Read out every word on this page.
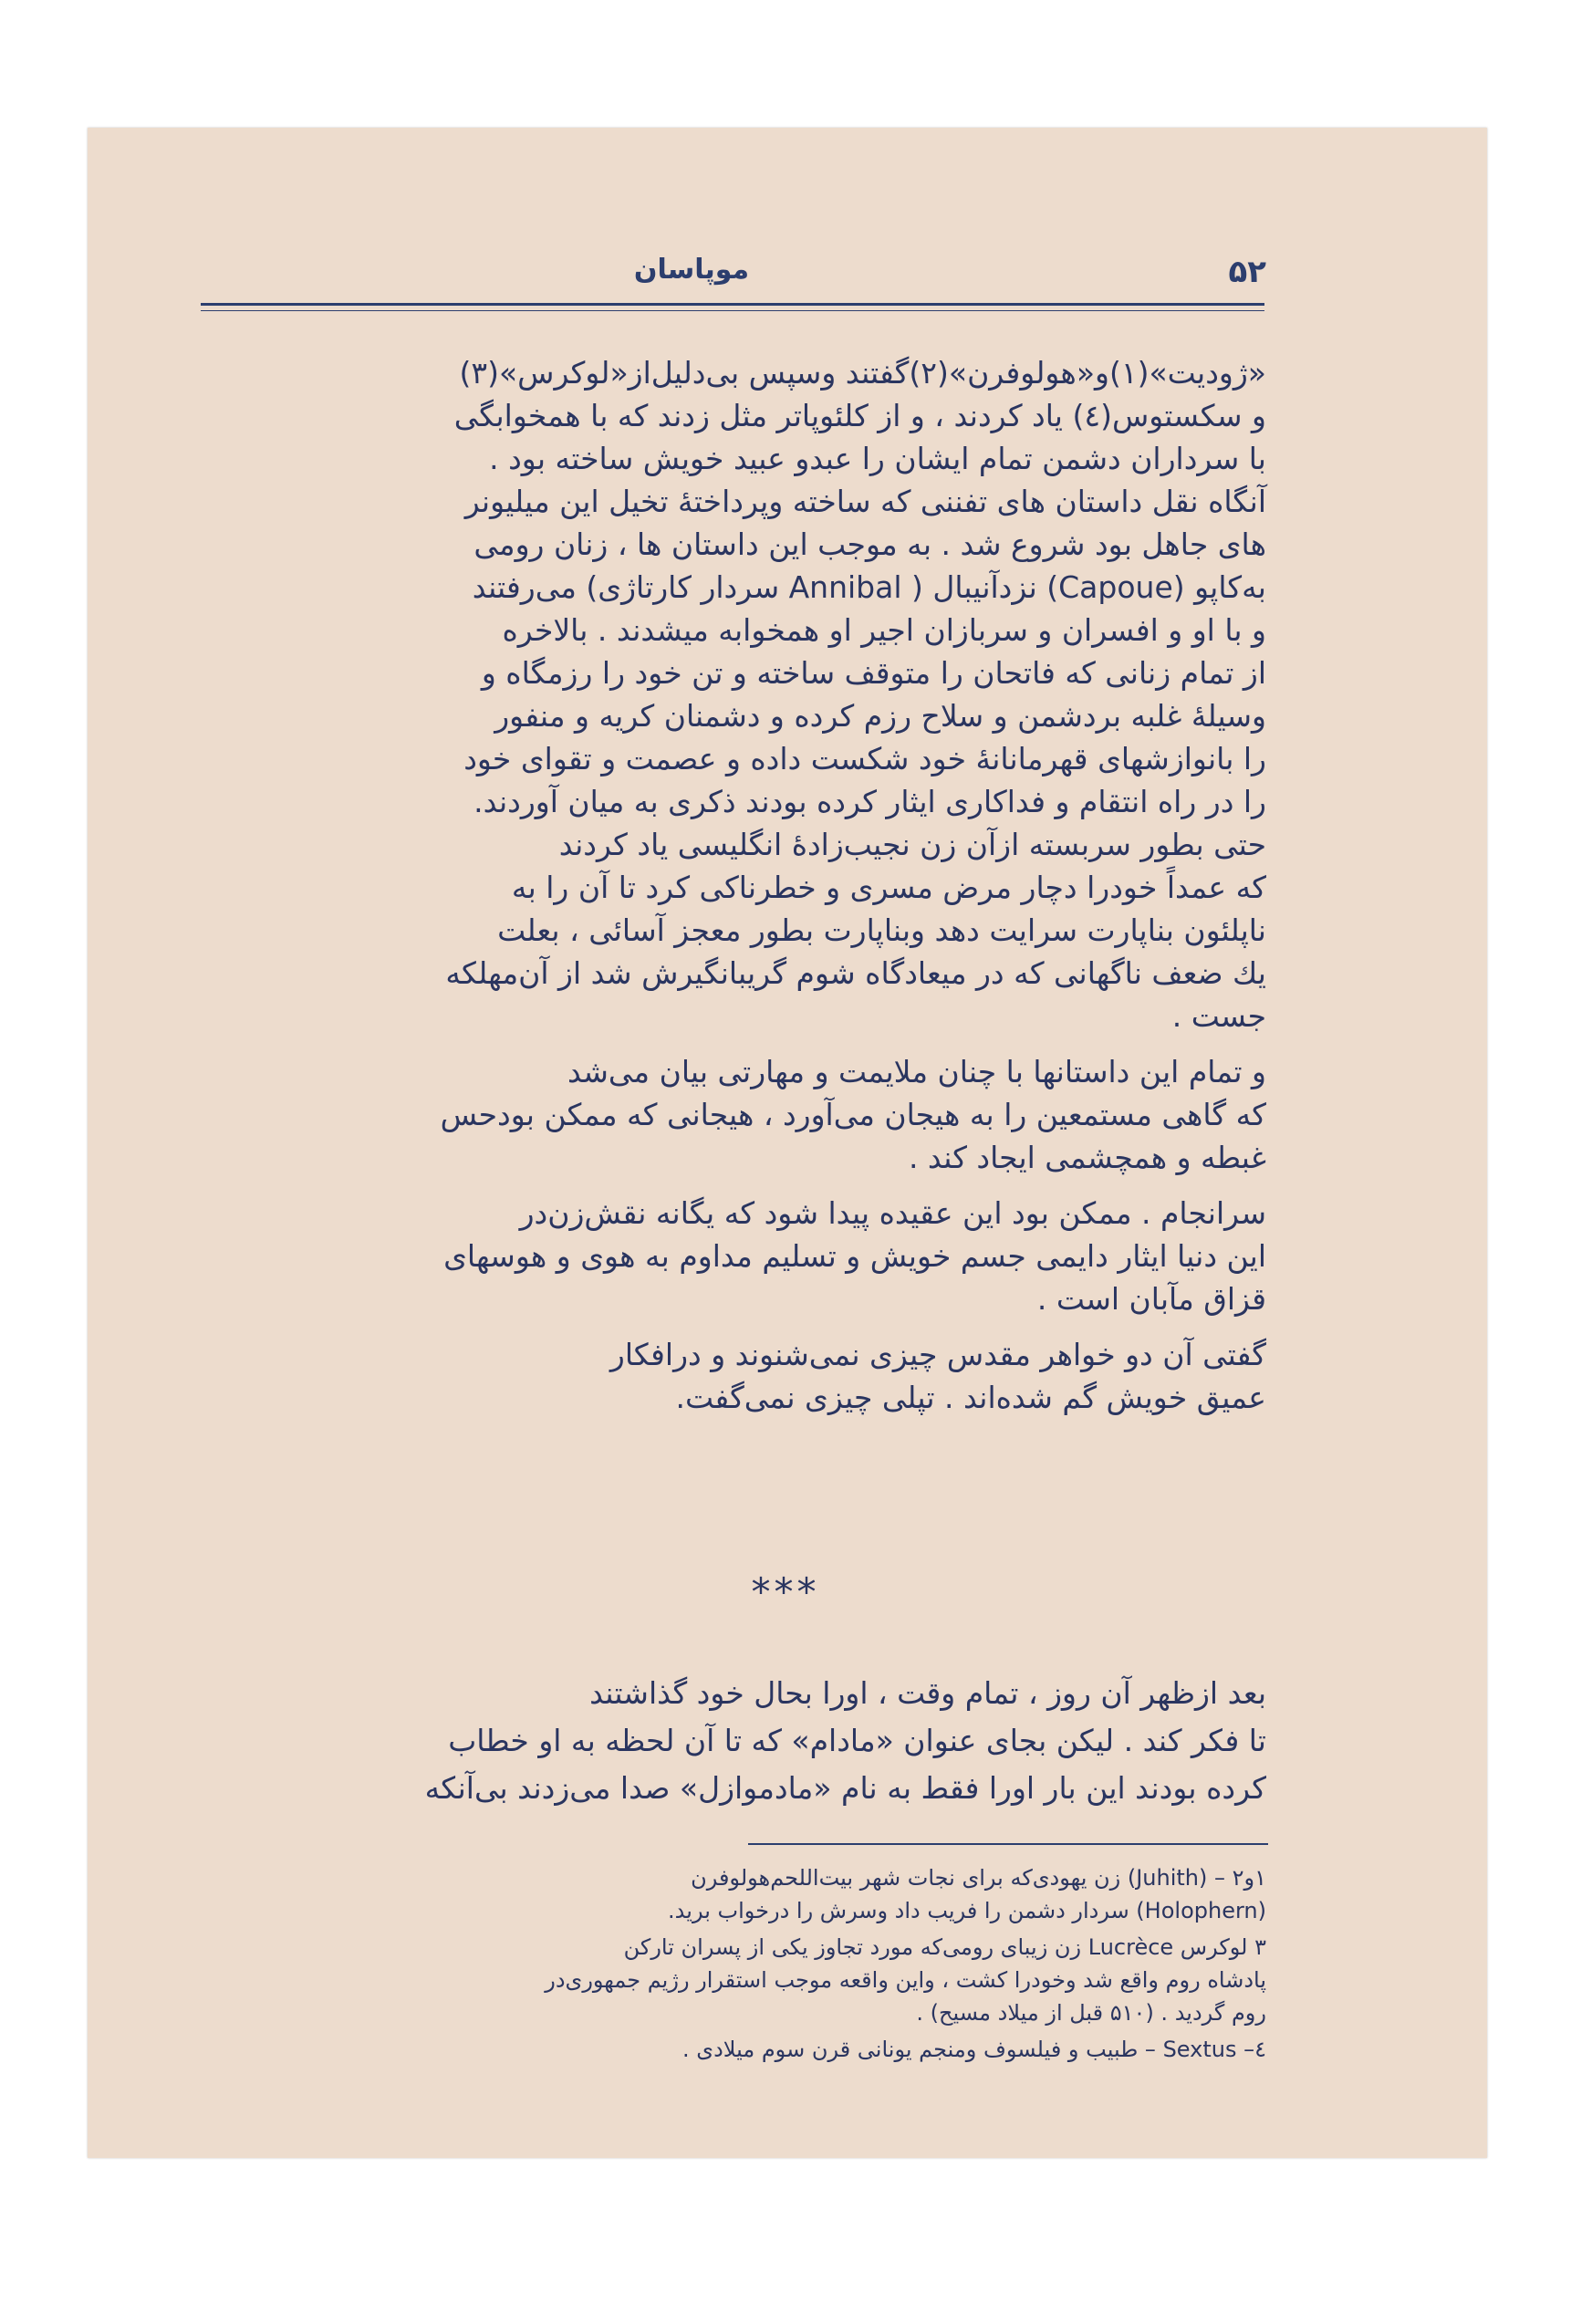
۵۲
موپاسان

«ژودیت»(۱)و«هولوفرن»(۲)گفتند وسپس بی‌دلیل‌از«لوکرس»(۳)
و سکستوس(٤) یاد کردند ، و از کلئوپاتر مثل زدند که با همخوابگی
با سرداران دشمن تمام ایشان را عبدو عبید خویش ساخته بود .
آنگاه نقل داستان های تفننی که ساخته وپرداختهٔ تخیل این میلیونر
های جاهل بود شروع شد . به موجب این داستان ها ، زنان رومی
به‌کاپو (Capoue) نزدآنیبال ( Annibal سردار کارتاژی) می‌رفتند
و با او و افسران و سربازان اجیر او همخوابه میشدند . بالاخره
از تمام زنانی که فاتحان را متوقف ساخته و تن خود را رزمگاه و
وسیلهٔ غلبه بردشمن و سلاح رزم کرده و دشمنان کریه و منفور
را بانوازشهای قهرمانانهٔ خود شکست داده و عصمت و تقوای خود
را در راه انتقام و فداکاری ایثار کرده بودند ذکری به میان آوردند.
حتی بطور سربسته ازآن زن نجیب‌زادهٔ انگلیسی یاد کردند
که عمداً خودرا دچار مرض مسری و خطرناکی کرد تا آن را به
ناپلئون بناپارت سرایت دهد وبناپارت بطور معجز آسائی ، بعلت
یك ضعف ناگهانی که در میعادگاه شوم گریبانگیرش شد از آن‌مهلکه
جست .

و تمام این داستانها با چنان ملایمت و مهارتی بیان می‌شد
که گاهی مستمعین را به هیجان می‌آورد ، هیجانی که ممکن بودحس
غبطه و همچشمی ایجاد کند .

سرانجام . ممکن بود این عقیده پیدا شود که یگانه نقش‌زن‌در
این دنیا ایثار دایمی جسم خویش و تسلیم مداوم به هوی و هوسهای
قزاق مآبان است .

گفتی آن دو خواهر مقدس چیزی نمی‌شنوند و درافکار
عمیق خویش گم شده‌اند . تپلی چیزی نمی‌گفت.

***
بعد ازظهر آن روز ، تمام وقت ، اورا بحال خود گذاشتند
تا فکر کند . لیکن بجای عنوان «مادام» که تا آن لحظه به او خطاب
کرده بودند این بار اورا فقط به نام «مادموازل» صدا می‌زدند بی‌آنکه

۱و۲ – (Juhith) زن یهودی‌که برای نجات شهر بیت‌اللحم‌هولوفرن
(Holophern) سردار دشمن را فریب داد وسرش را درخواب برید.

۳ لوکرس Lucrèce زن زیبای رومی‌که مورد تجاوز یکی از پسران تارکن
پادشاه روم واقع شد وخودرا کشت ، واین واقعه موجب استقرار رژیم جمهوری‌در
روم گردید . (۵۱۰ قبل از میلاد مسیح) .

٤– Sextus – طبیب و فیلسوف ومنجم یونانی قرن سوم میلادی .
